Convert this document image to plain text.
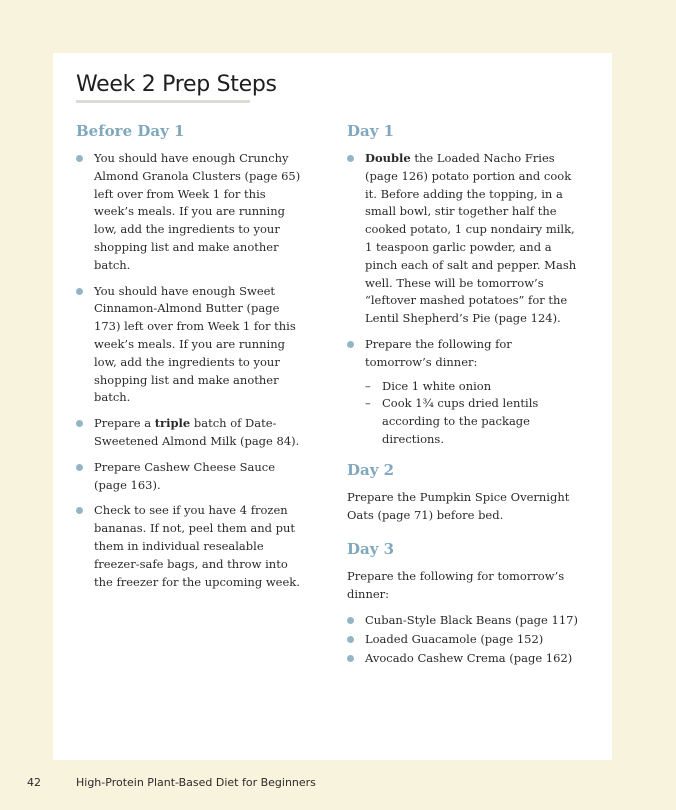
Week 2 Prep Steps
Before Day 1
You should have enough Crunchy Almond Granola Clusters (page 65) left over from Week 1 for this week’s meals. If you are running low, add the ingredients to your shopping list and make another batch.
You should have enough Sweet Cinnamon-Almond Butter (page 173) left over from Week 1 for this week’s meals. If you are running low, add the ingredients to your shopping list and make another batch.
Prepare a triple batch of Date-Sweetened Almond Milk (page 84).
Prepare Cashew Cheese Sauce (page 163).
Check to see if you have 4 frozen bananas. If not, peel them and put them in individual resealable freezer-safe bags, and throw into the freezer for the upcoming week.
Day 1
Double the Loaded Nacho Fries (page 126) potato portion and cook it. Before adding the topping, in a small bowl, stir together half the cooked potato, 1 cup nondairy milk, 1 teaspoon garlic powder, and a pinch each of salt and pepper. Mash well. These will be tomorrow’s “leftover mashed potatoes” for the Lentil Shepherd’s Pie (page 124).
Prepare the following for tomorrow’s dinner:
– Dice 1 white onion
– Cook 1¾ cups dried lentils according to the package directions.
Day 2

Prepare the Pumpkin Spice Overnight Oats (page 71) before bed.

Day 3

Prepare the following for tomorrow’s dinner:

Cuban-Style Black Beans (page 117)
Loaded Guacamole (page 152)
Avocado Cashew Crema (page 162)
42	High-Protein Plant-Based Diet for Beginners
